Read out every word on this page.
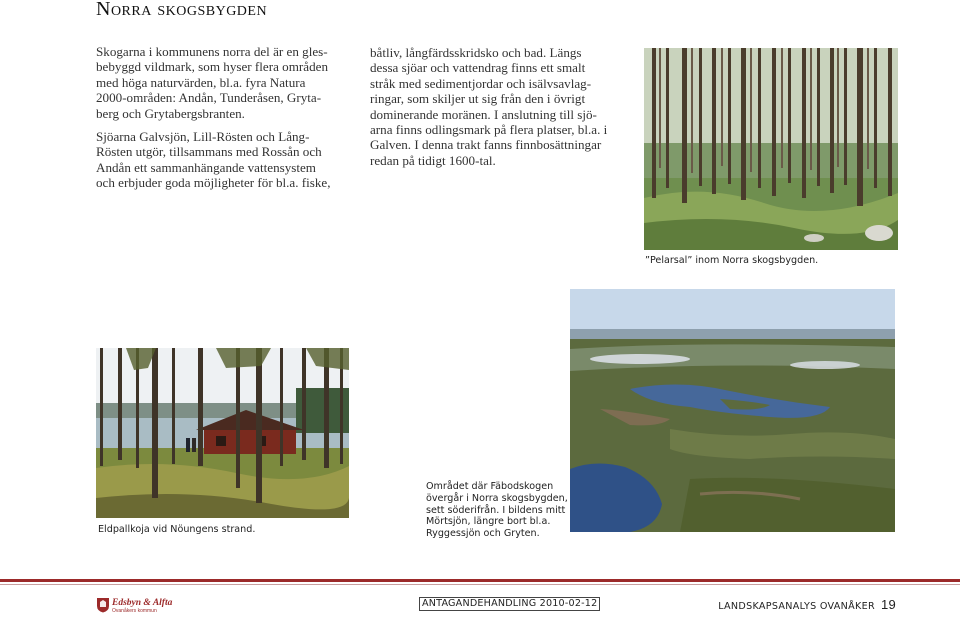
Norra skogsbygden

Skogarna i kommunens norra del är en gles-
bebyggd vildmark, som hyser flera områden
med höga naturvärden, bl.a. fyra Natura
2000-områden: Andån, Tunderåsen, Gryta-
berg och Grytabergsbranten.

Sjöarna Galvsjön, Lill-Rösten och Lång-
Rösten utgör, tillsammans med Rossån och
Andån ett sammanhängande vattensystem
och erbjuder goda möjligheter för bl.a. fiske,

båtliv, långfärdsskridsko och bad. Längs
dessa sjöar och vattendrag finns ett smalt
stråk med sedimentjordar och isälvsavlag-
ringar, som skiljer ut sig från den i övrigt
dominerande moränen. I anslutning till sjö-
arna finns odlingsmark på flera platser, bl.a. i
Galven. I denna trakt fanns finnbosättningar
redan på tidigt 1600-tal.

”Pelarsal” inom Norra skogsbygden.
Eldpallkoja vid Nöungens strand.
Området där Fäbodskogen
övergår i Norra skogsbygden,
sett söderifrån. I bildens mitt
Mörtsjön, längre bort bl.a.
Ryggessjön och Gryten.
Edsbyn & Alfta
Ovanåkers kommun
ANTAGANDEHANDLING 2010-02-12	LANDSKAPSANALYS OVANÅKER 19
